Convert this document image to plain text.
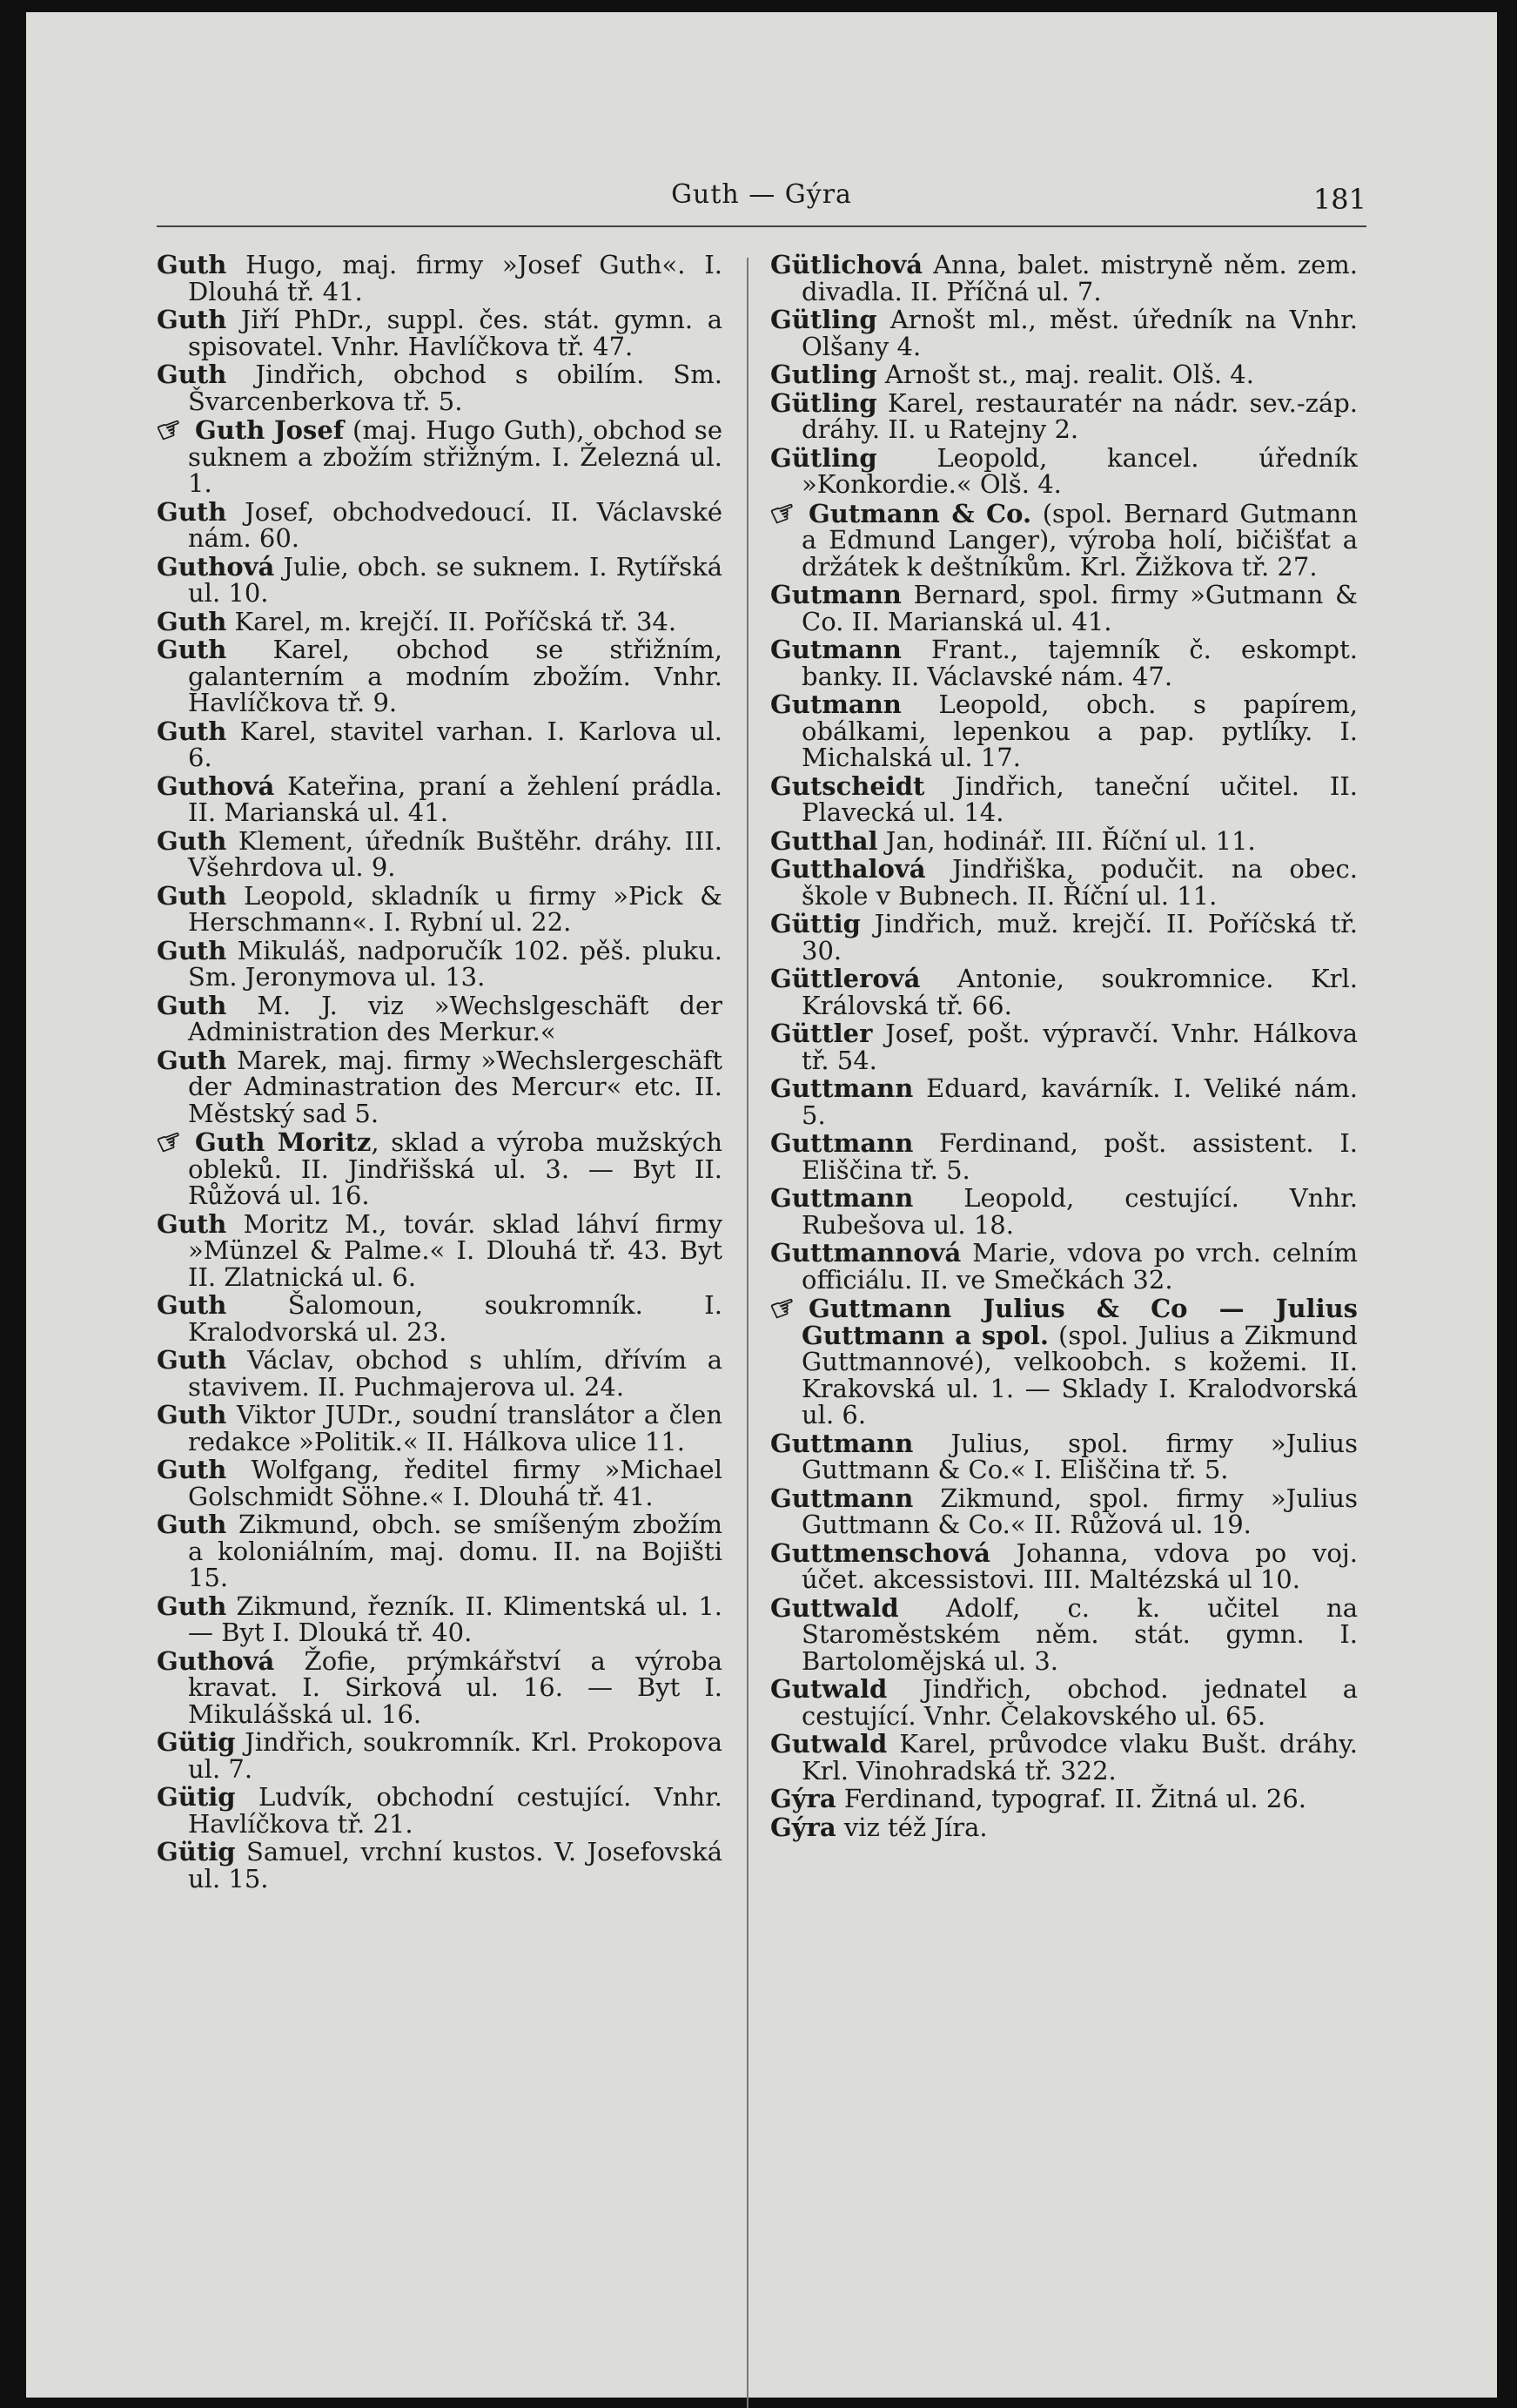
Guth — Gýra	181
Guth Hugo, maj. firmy »Josef Guth«. I. Dlouhá tř. 41.
Guth Jiří PhDr., suppl. čes. stát. gymn. a spisovatel. Vnhr. Havlíčkova tř. 47.
Guth Jindřich, obchod s obilím. Sm. Švarcenberkova tř. 5.
☞ Guth Josef (maj. Hugo Guth), obchod se suknem a zbožím střižným. I. Železná ul. 1.
Guth Josef, obchodvedoucí. II. Václavské nám. 60.
Guthová Julie, obch. se suknem. I. Rytířská ul. 10.
Guth Karel, m. krejčí. II. Poříčská tř. 34.
Guth Karel, obchod se střižním, galanterním a modním zbožím. Vnhr. Havlíčkova tř. 9.
Guth Karel, stavitel varhan. I. Karlova ul. 6.
Guthová Kateřina, praní a žehlení prádla. II. Marianská ul. 41.
Guth Klement, úředník Buštěhr. dráhy. III. Všehrdova ul. 9.
Guth Leopold, skladník u firmy »Pick & Herschmann«. I. Rybní ul. 22.
Guth Mikuláš, nadporučík 102. pěš. pluku. Sm. Jeronymova ul. 13.
Guth M. J. viz »Wechslgeschäft der Administration des Merkur.«
Guth Marek, maj. firmy »Wechslergeschäft der Adminastration des Mercur« etc. II. Městský sad 5.
☞ Guth Moritz, sklad a výroba mužských obleků. II. Jindřišská ul. 3. — Byt II. Růžová ul. 16.
Guth Moritz M., továr. sklad láhví firmy »Münzel & Palme.« I. Dlouhá tř. 43. Byt II. Zlatnická ul. 6.
Guth Šalomoun, soukromník. I. Kralodvorská ul. 23.
Guth Václav, obchod s uhlím, dřívím a stavivem. II. Puchmajerova ul. 24.
Guth Viktor JUDr., soudní translátor a člen redakce »Politik.« II. Hálkova ulice 11.
Guth Wolfgang, ředitel firmy »Michael Golschmidt Söhne.« I. Dlouhá tř. 41.
Guth Zikmund, obch. se smíšeným zbožím a koloniálním, maj. domu. II. na Bojišti 15.
Guth Zikmund, řezník. II. Klimentská ul. 1. — Byt I. Dlouká tř. 40.
Guthová Žofie, prýmkářství a výroba kravat. I. Sirková ul. 16. — Byt I. Mikulášská ul. 16.
Gütig Jindřich, soukromník. Krl. Prokopova ul. 7.
Gütig Ludvík, obchodní cestující. Vnhr. Havlíčkova tř. 21.
Gütig Samuel, vrchní kustos. V. Josefovská ul. 15.
Gütlichová Anna, balet. mistryně něm. zem. divadla. II. Příčná ul. 7.
Gütling Arnošt ml., měst. úředník na Vnhr. Olšany 4.
Gutling Arnošt st., maj. realit. Olš. 4.
Gütling Karel, restauratér na nádr. sev.-záp. dráhy. II. u Ratejny 2.
Gütling Leopold, kancel. úředník »Konkordie.« Olš. 4.
☞ Gutmann & Co. (spol. Bernard Gutmann a Edmund Langer), výroba holí, bičišťat a držátek k deštníkům. Krl. Žižkova tř. 27.
Gutmann Bernard, spol. firmy »Gutmann & Co. II. Marianská ul. 41.
Gutmann Frant., tajemník č. eskompt. banky. II. Václavské nám. 47.
Gutmann Leopold, obch. s papírem, obálkami, lepenkou a pap. pytlíky. I. Michalská ul. 17.
Gutscheidt Jindřich, taneční učitel. II. Plavecká ul. 14.
Gutthal Jan, hodinář. III. Říční ul. 11.
Gutthalová Jindřiška, podučit. na obec. škole v Bubnech. II. Říční ul. 11.
Güttig Jindřich, muž. krejčí. II. Poříčská tř. 30.
Güttlerová Antonie, soukromnice. Krl. Královská tř. 66.
Güttler Josef, pošt. výpravčí. Vnhr. Hálkova tř. 54.
Guttmann Eduard, kavárník. I. Veliké nám. 5.
Guttmann Ferdinand, pošt. assistent. I. Eliščina tř. 5.
Guttmann Leopold, cestující. Vnhr. Rubešova ul. 18.
Guttmannová Marie, vdova po vrch. celním officiálu. II. ve Smečkách 32.
☞ Guttmann Julius & Co — Julius Guttmann a spol. (spol. Julius a Zikmund Guttmannové), velkoobch. s kožemi. II. Krakovská ul. 1. — Sklady I. Kralodvorská ul. 6.
Guttmann Julius, spol. firmy »Julius Guttmann & Co.« I. Eliščina tř. 5.
Guttmann Zikmund, spol. firmy »Julius Guttmann & Co.« II. Růžová ul. 19.
Guttmenschová Johanna, vdova po voj. účet. akcessistovi. III. Maltézská ul 10.
Guttwald Adolf, c. k. učitel na Staroměstském něm. stát. gymn. I. Bartolomějská ul. 3.
Gutwald Jindřich, obchod. jednatel a cestující. Vnhr. Čelakovského ul. 65.
Gutwald Karel, průvodce vlaku Bušt. dráhy. Krl. Vinohradská tř. 322.
Gýra Ferdinand, typograf. II. Žitná ul. 26.
Gýra viz též Jíra.
